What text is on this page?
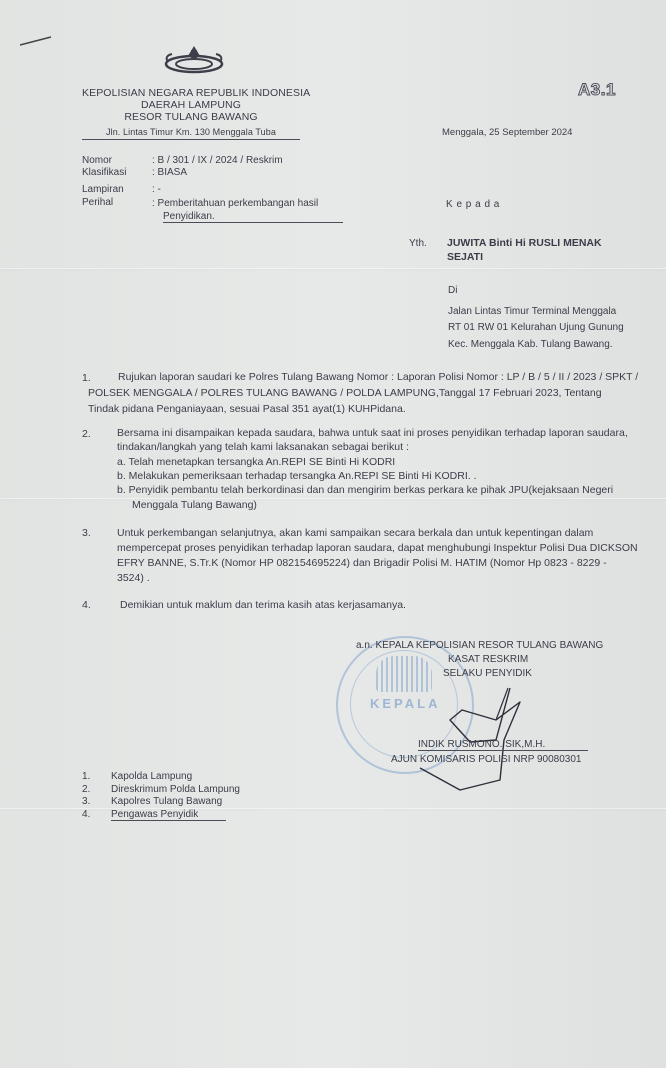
KEPOLISIAN NEGARA REPUBLIK INDONESIA
DAERAH LAMPUNG
RESOR TULANG BAWANG
Jln. Lintas Timur Km. 130 Menggala Tuba
A3.1
Menggala, 25 September 2024
Nomor	: B / 301 / IX / 2024 / Reskrim
Klasifikasi	: BIASA
Lampiran	: -
Perihal	: Pemberitahuan perkembangan hasil
Penyidikan.
K e p a d a
Yth. JUWITA Binti Hi RUSLI MENAK
SEJATI
Di
Jalan Lintas Timur Terminal Menggala
RT 01 RW 01 Kelurahan Ujung Gunung
Kec. Menggala Kab. Tulang Bawang.
1.	Rujukan laporan saudari ke Polres Tulang Bawang Nomor : Laporan Polisi Nomor : LP / B / 5 / II / 2023 / SPKT /
POLSEK MENGGALA / POLRES TULANG BAWANG / POLDA LAMPUNG,Tanggal 17 Februari 2023, Tentang
Tindak pidana Penganiayaan, sesuai Pasal 351 ayat(1) KUHPidana.
2. Bersama ini disampaikan kepada saudara, bahwa untuk saat ini proses penyidikan terhadap laporan saudara,
tindakan/langkah yang telah kami laksanakan sebagai berikut :
a. Telah menetapkan tersangka An.REPI SE Binti Hi KODRI
b. Melakukan pemeriksaan terhadap tersangka An.REPI SE Binti Hi KODRI. .
b. Penyidik pembantu telah berkordinasi dan dan mengirim berkas perkara ke pihak JPU(kejaksaan Negeri
Menggala Tulang Bawang)
3. Untuk perkembangan selanjutnya, akan kami sampaikan secara berkala dan untuk kepentingan dalam
mempercepat proses penyidikan terhadap laporan saudara, dapat menghubungi Inspektur Polisi Dua DICKSON
EFRY BANNE, S.Tr.K (Nomor HP 082154695224) dan Brigadir Polisi M. HATIM (Nomor Hp 0823 - 8229 -
3524) .
4.	Demikian untuk maklum dan terima kasih atas kerjasamanya.
KEPALA
a.n. KEPALA KEPOLISIAN RESOR TULANG BAWANG
KASAT RESKRIM
SELAKU PENYIDIK
INDIK RUSMONO. SIK,M.H.
AJUN KOMISARIS POLISI NRP 90080301
1. Kapolda Lampung
2. Direskrimum Polda Lampung
3. Kapolres Tulang Bawang
4. Pengawas Penyidik
